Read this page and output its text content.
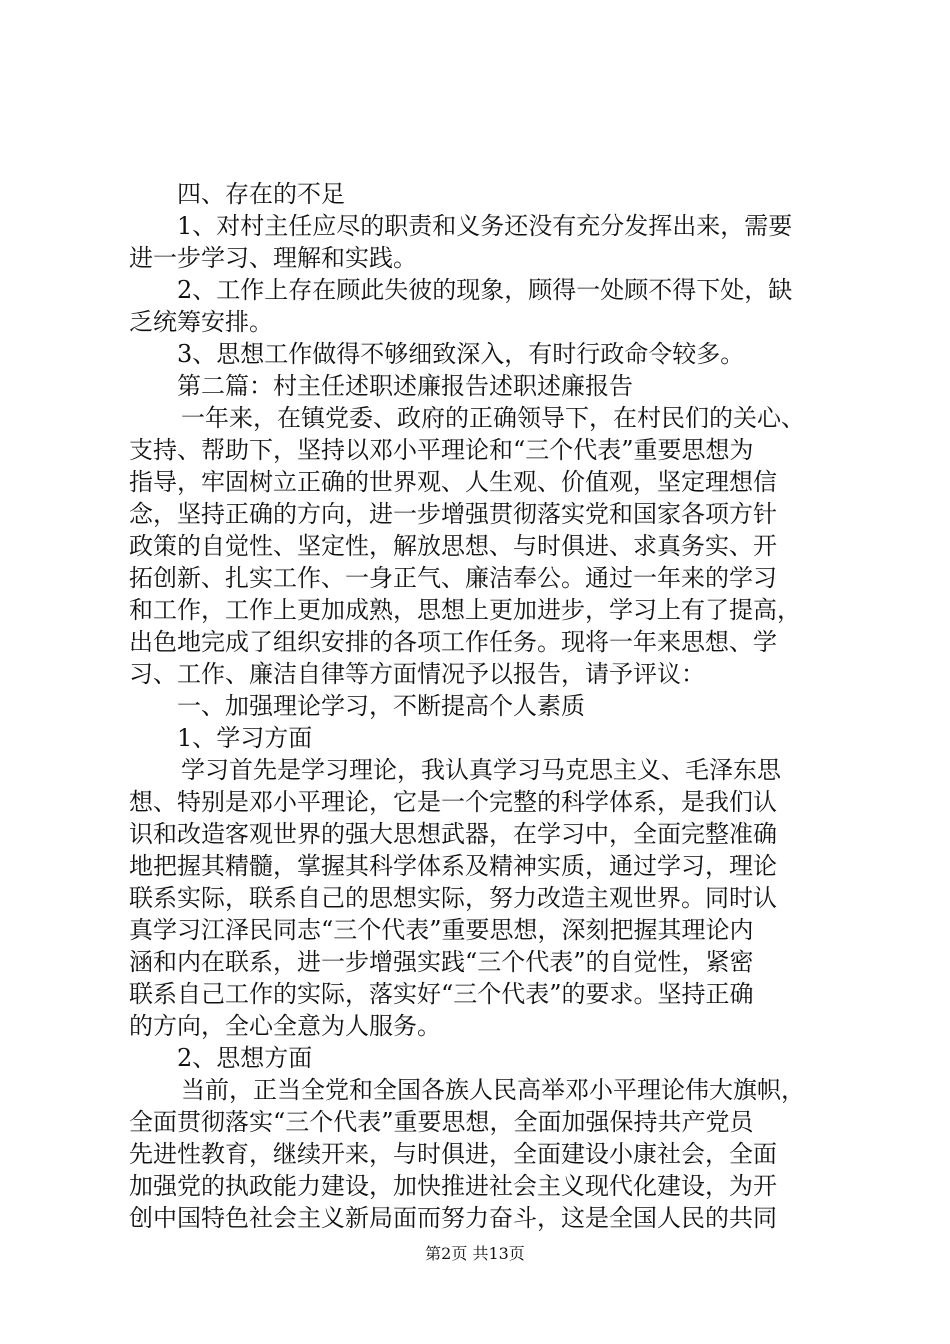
四、存在的不足
1、对村主任应尽的职责和义务还没有充分发挥出来，需要
进一步学习、理解和实践。
2、工作上存在顾此失彼的现象，顾得一处顾不得下处，缺
乏统筹安排。
3、思想工作做得不够细致深入，有时行政命令较多。
第二篇：村主任述职述廉报告述职述廉报告
一年来，在镇党委、政府的正确领导下，在村民们的关心、
支持、帮助下，坚持以邓小平理论和“三个代表”重要思想为
指导，牢固树立正确的世界观、人生观、价值观，坚定理想信
念，坚持正确的方向，进一步增强贯彻落实党和国家各项方针
政策的自觉性、坚定性，解放思想、与时俱进、求真务实、开
拓创新、扎实工作、一身正气、廉洁奉公。通过一年来的学习
和工作，工作上更加成熟，思想上更加进步，学习上有了提高，
出色地完成了组织安排的各项工作任务。现将一年来思想、学
习、工作、廉洁自律等方面情况予以报告，请予评议：
一、加强理论学习，不断提高个人素质
1、学习方面
学习首先是学习理论，我认真学习马克思主义、毛泽东思
想、特别是邓小平理论，它是一个完整的科学体系，是我们认
识和改造客观世界的强大思想武器，在学习中，全面完整准确
地把握其精髓，掌握其科学体系及精神实质，通过学习，理论
联系实际，联系自己的思想实际，努力改造主观世界。同时认
真学习江泽民同志“三个代表”重要思想，深刻把握其理论内
涵和内在联系，进一步增强实践“三个代表”的自觉性，紧密
联系自己工作的实际，落实好“三个代表”的要求。坚持正确
的方向，全心全意为人服务。
2、思想方面
当前，正当全党和全国各族人民高举邓小平理论伟大旗帜，
全面贯彻落实“三个代表”重要思想，全面加强保持共产党员
先进性教育，继续开来，与时俱进，全面建设小康社会，全面
加强党的执政能力建设，加快推进社会主义现代化建设，为开
创中国特色社会主义新局面而努力奋斗，这是全国人民的共同
第2页 共13页
